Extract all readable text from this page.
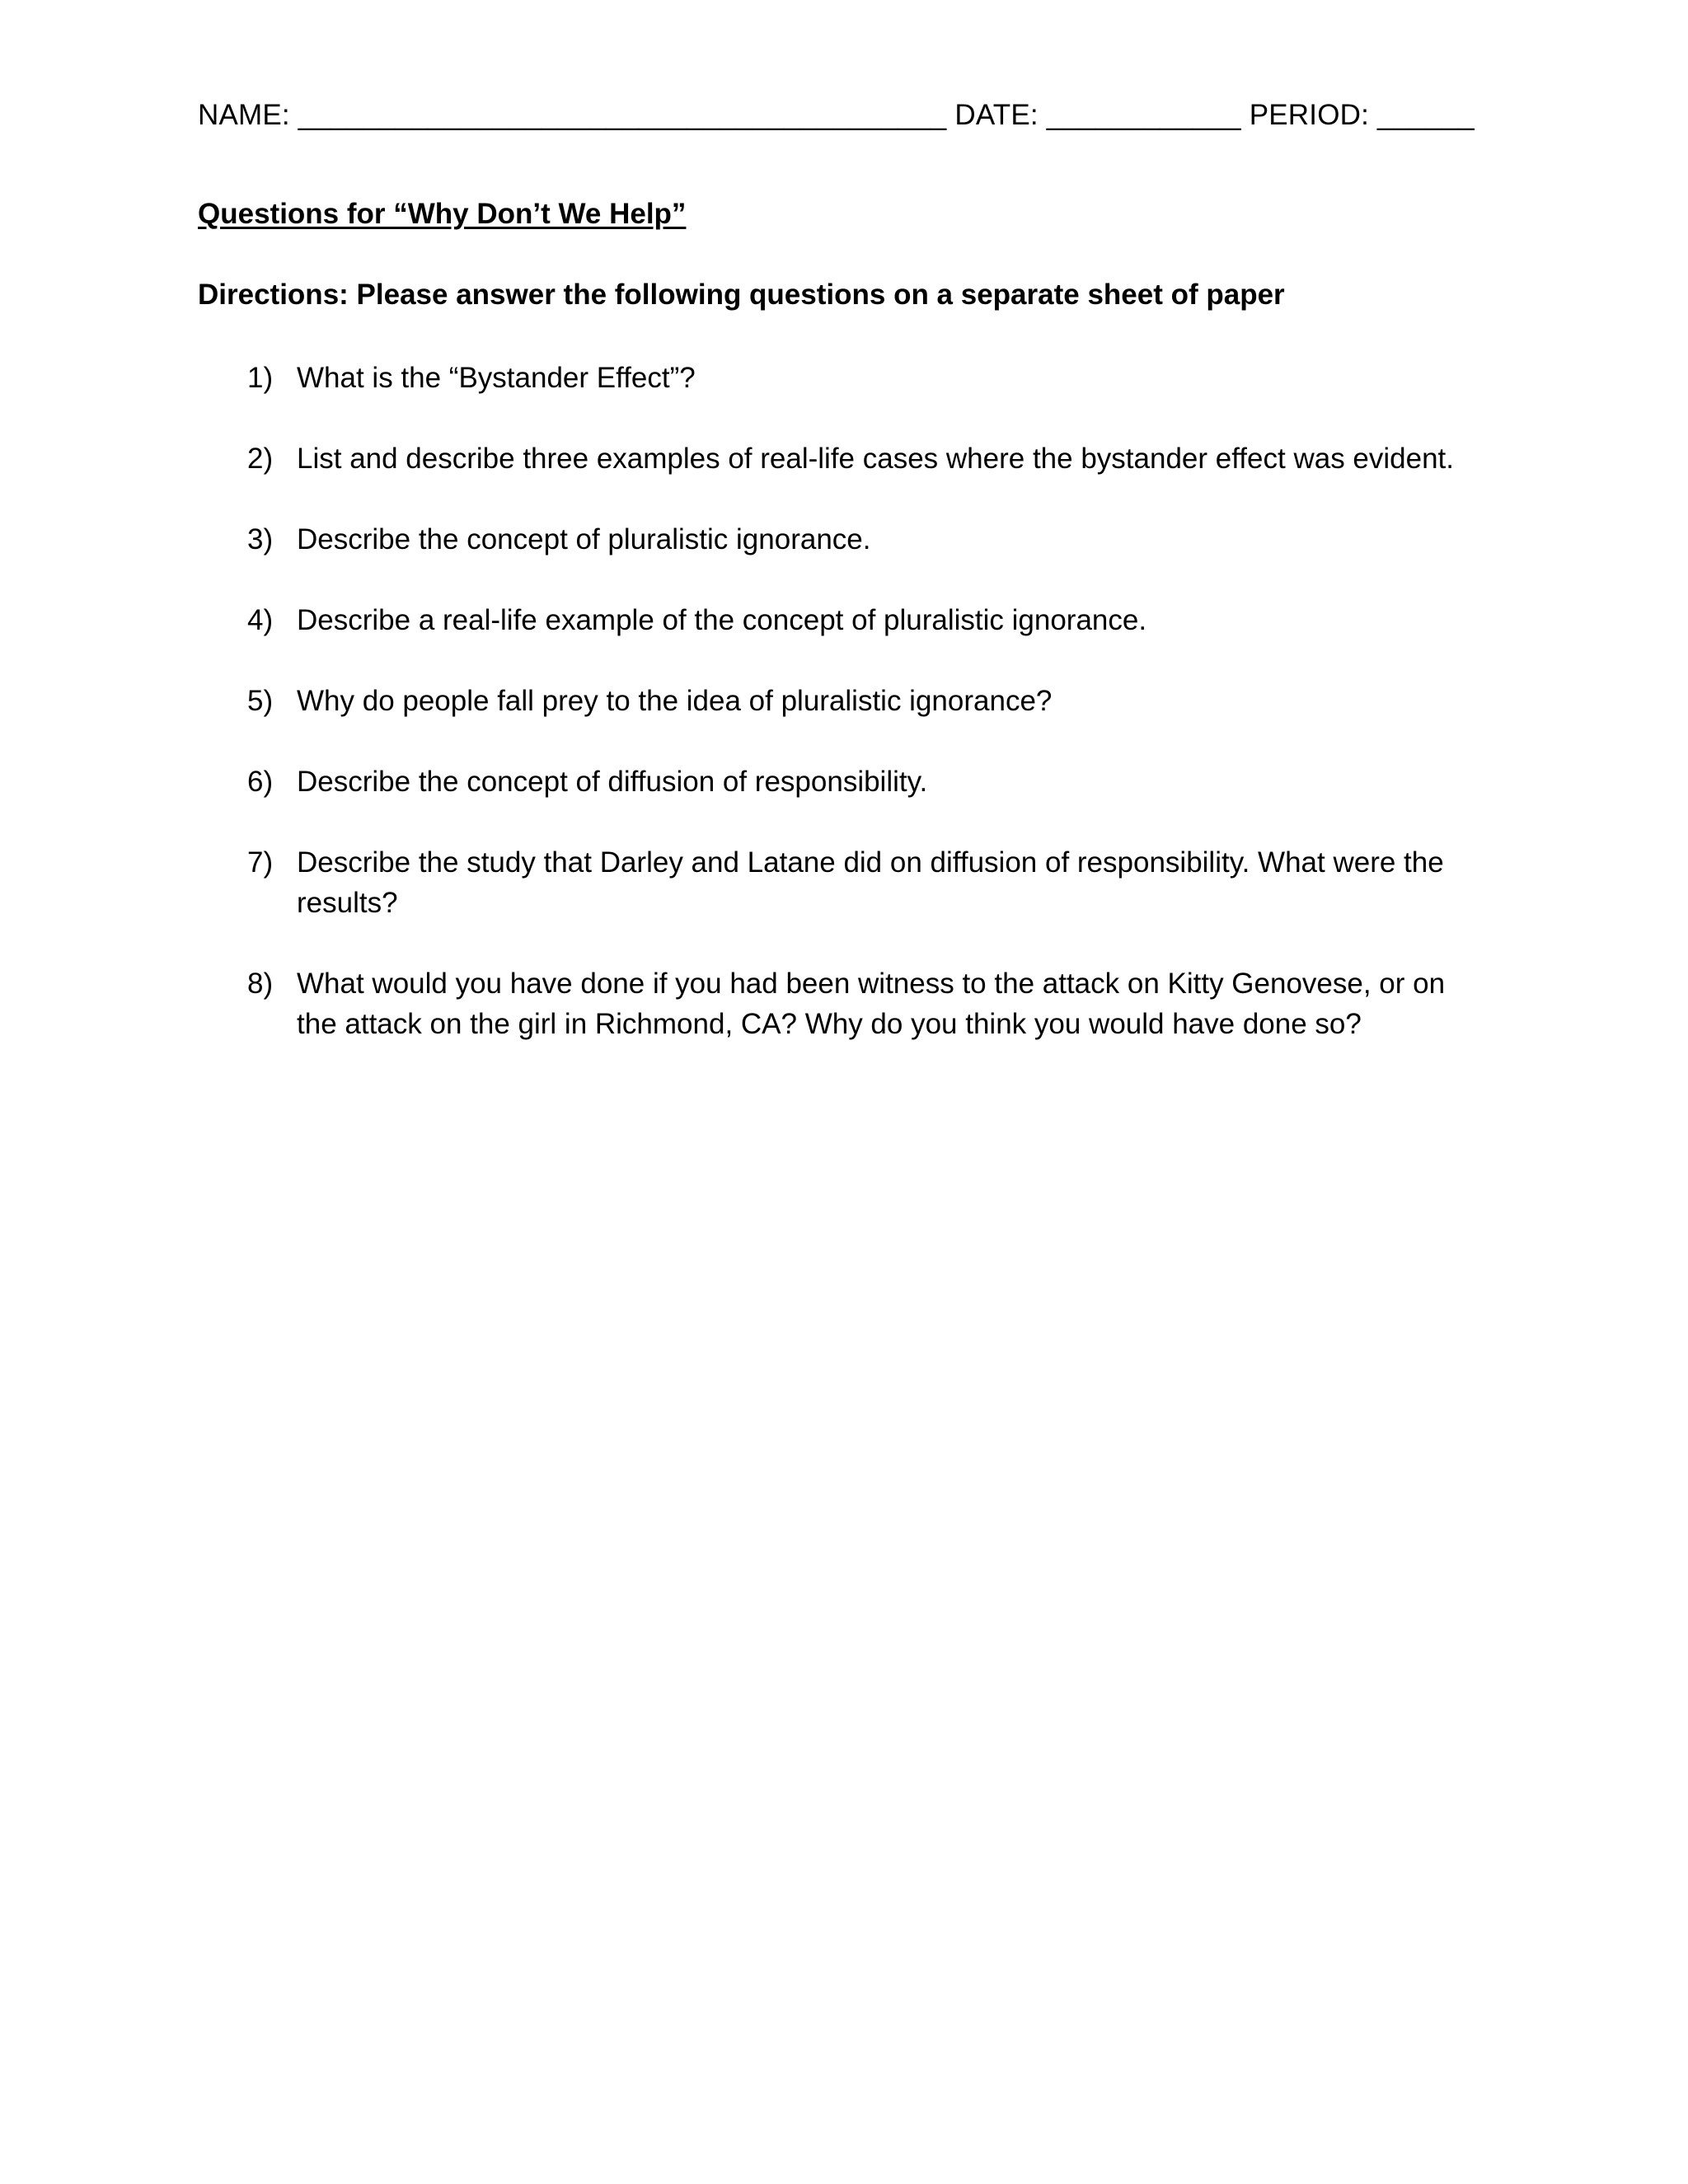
NAME: ________________________________________ DATE: ____________ PERIOD: ______
Questions for “Why Don’t We Help”
Directions: Please answer the following questions on a separate sheet of paper
1) What is the “Bystander Effect”?
2) List and describe three examples of real-life cases where the bystander effect was evident.
3) Describe the concept of pluralistic ignorance.
4) Describe a real-life example of the concept of pluralistic ignorance.
5) Why do people fall prey to the idea of pluralistic ignorance?
6) Describe the concept of diffusion of responsibility.
7) Describe the study that Darley and Latane did on diffusion of responsibility. What were the results?
8) What would you have done if you had been witness to the attack on Kitty Genovese, or on the attack on the girl in Richmond, CA? Why do you think you would have done so?
